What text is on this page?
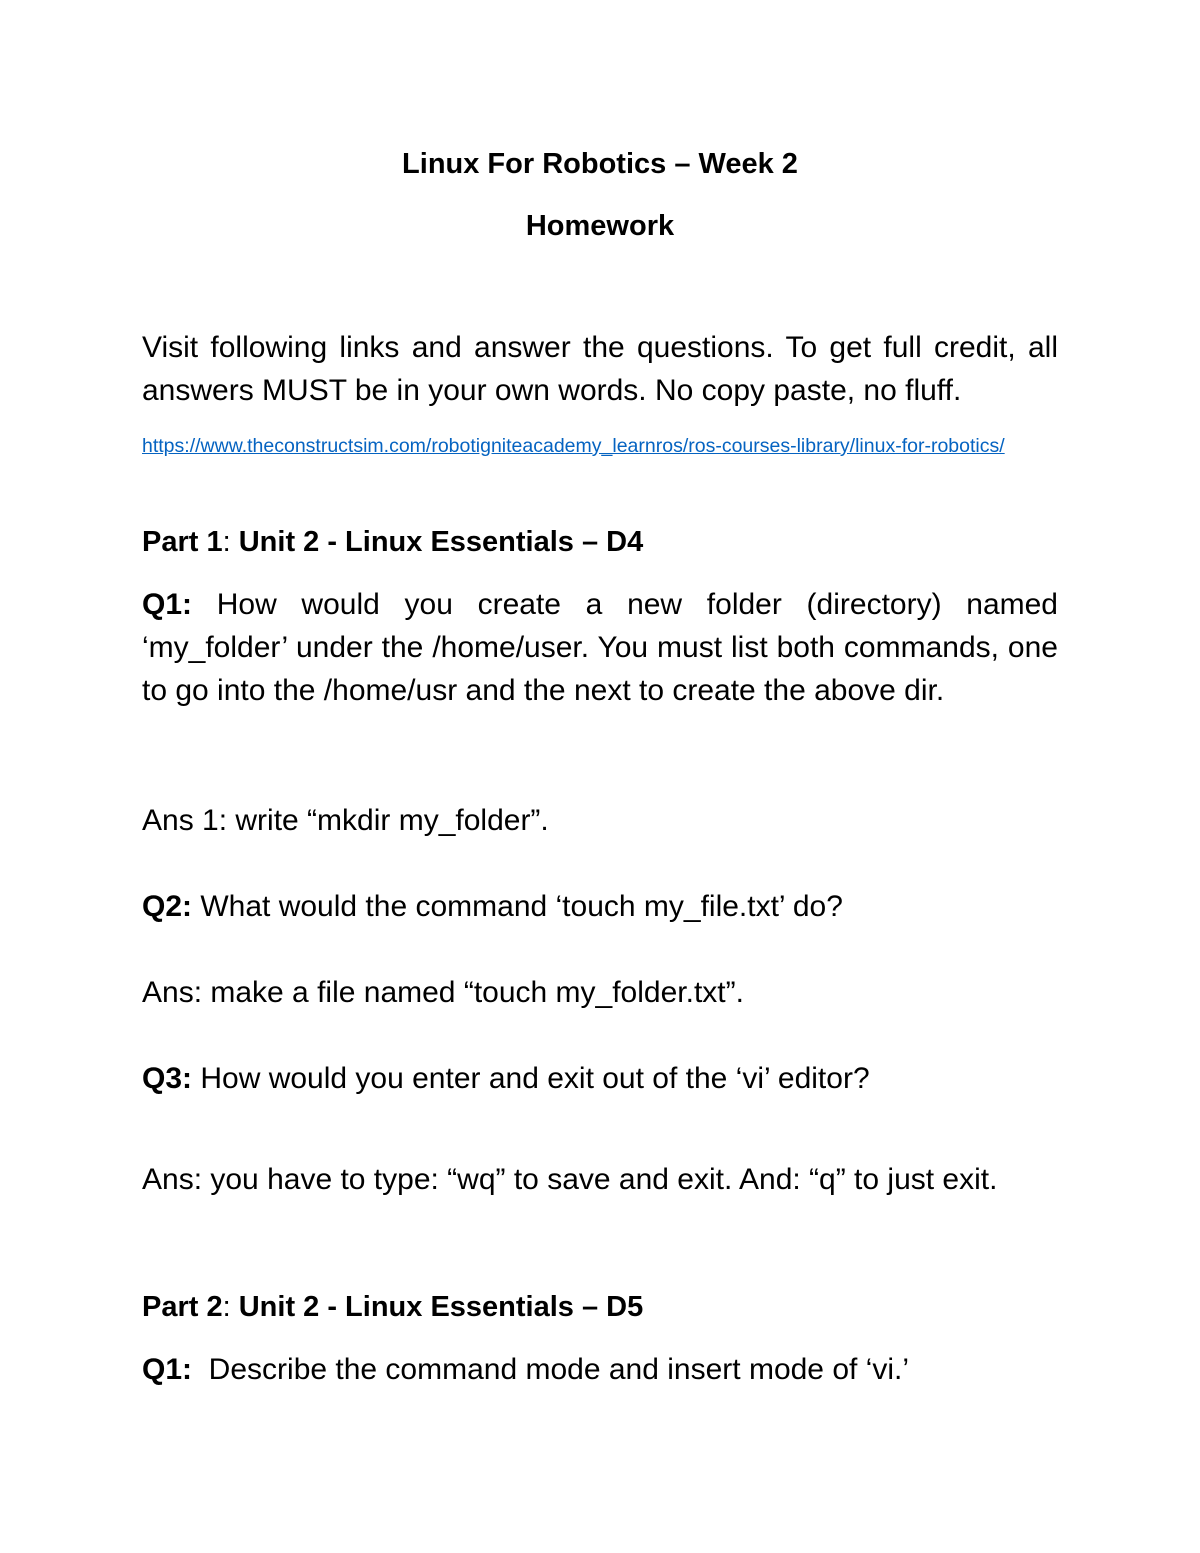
Linux For Robotics – Week 2
Homework
Visit following links and answer the questions. To get full credit, all answers MUST be in your own words. No copy paste, no fluff.
https://www.theconstructsim.com/robotigniteacademy_learnros/ros-courses-library/linux-for-robotics/
Part 1: Unit 2 - Linux Essentials – D4
Q1: How would you create a new folder (directory) named ‘my_folder’ under the /home/user. You must list both commands, one to go into the /home/usr and the next to create the above dir.
Ans 1: write “mkdir my_folder”.
Q2: What would the command ‘touch my_file.txt’ do?
Ans: make a file named “touch my_folder.txt”.
Q3: How would you enter and exit out of the ‘vi’ editor?
Ans: you have to type: “wq” to save and exit. And: “q” to just exit.
Part 2: Unit 2 - Linux Essentials – D5
Q1:  Describe the command mode and insert mode of ‘vi.’
